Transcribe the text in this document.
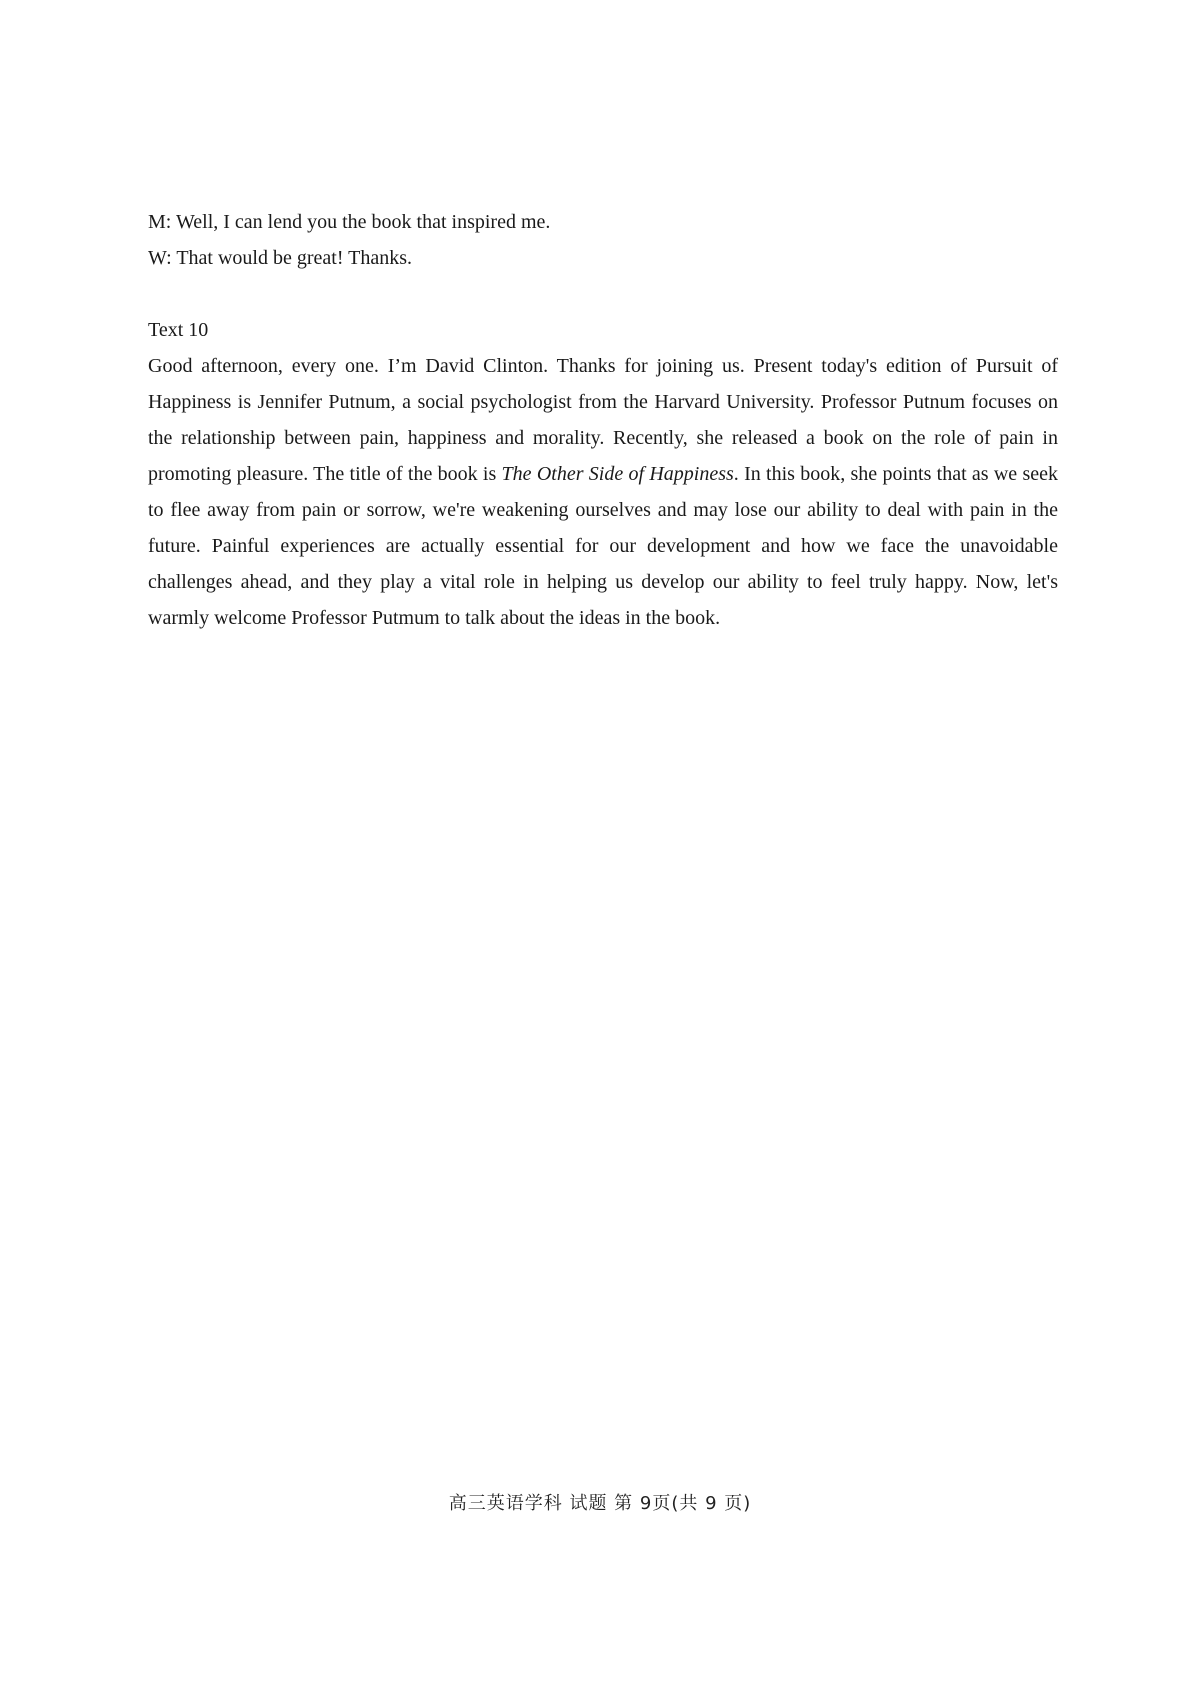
M: Well, I can lend you the book that inspired me.

W: That would be great! Thanks.

Text 10

Good afternoon, every one. I’m David Clinton. Thanks for joining us. Present today's edition of Pursuit of Happiness is Jennifer Putnum, a social psychologist from the Harvard University. Professor Putnum focuses on the relationship between pain, happiness and morality. Recently, she released a book on the role of pain in promoting pleasure. The title of the book is The Other Side of Happiness. In this book, she points that as we seek to flee away from pain or sorrow, we're weakening ourselves and may lose our ability to deal with pain in the future. Painful experiences are actually essential for our development and how we face the unavoidable challenges ahead, and they play a vital role in helping us develop our ability to feel truly happy. Now, let's warmly welcome Professor Putmum to talk about the ideas in the book.

高三英语学科 试题 第 9页(共 9 页)
